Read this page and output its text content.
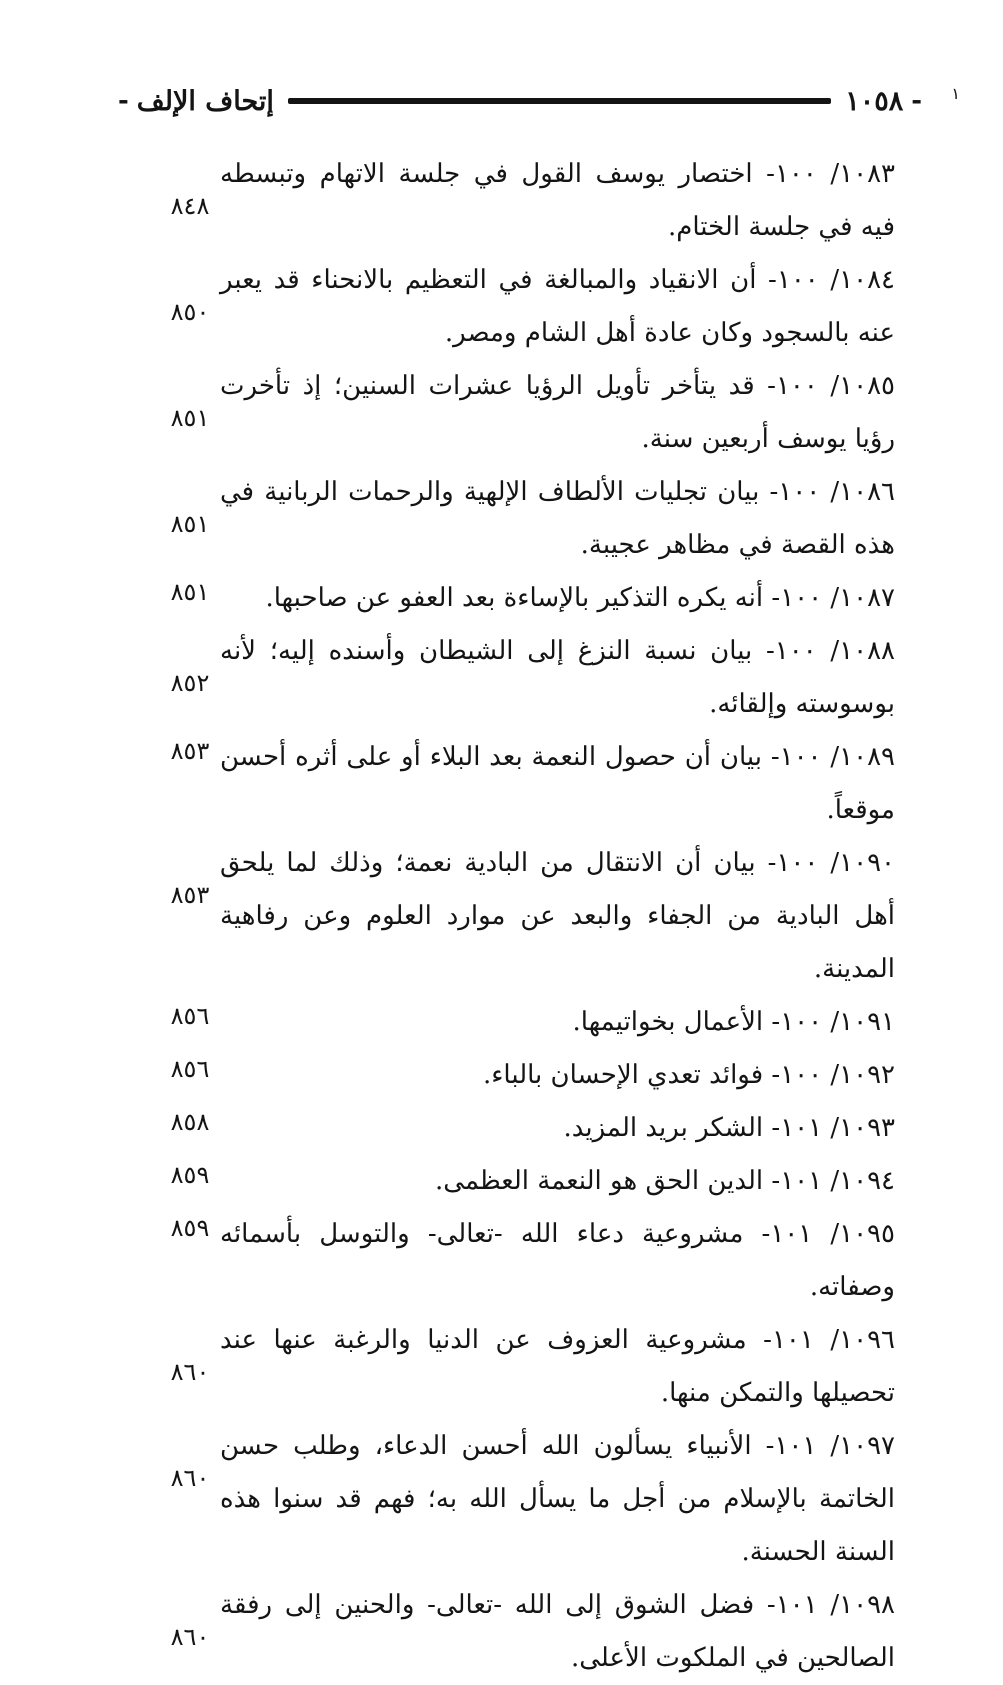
-
١٠٥٨
إتحاف الإلف
-	١
١٠٨٣/ ١٠٠- اختصار يوسف القول في جلسة الاتهام وتبسطه فيه في جلسة الختام.
٨٤٨
١٠٨٤/ ١٠٠- أن الانقياد والمبالغة في التعظيم بالانحناء قد يعبر عنه بالسجود وكان عادة أهل الشام ومصر.
٨٥٠
١٠٨٥/ ١٠٠- قد يتأخر تأويل الرؤيا عشرات السنين؛ إذ تأخرت رؤيا يوسف أربعين سنة.
٨٥١
١٠٨٦/ ١٠٠- بيان تجليات الألطاف الإلهية والرحمات الربانية في هذه القصة في مظاهر عجيبة.
٨٥١
١٠٨٧/ ١٠٠- أنه يكره التذكير بالإساءة بعد العفو عن صاحبها.
٨٥١
١٠٨٨/ ١٠٠- بيان نسبة النزغ إلى الشيطان وأسنده إليه؛ لأنه بوسوسته وإلقائه.
٨٥٢
١٠٨٩/ ١٠٠- بيان أن حصول النعمة بعد البلاء أو على أثره أحسن موقعاً.
٨٥٣
١٠٩٠/ ١٠٠- بيان أن الانتقال من البادية نعمة؛ وذلك لما يلحق أهل البادية من الجفاء والبعد عن موارد العلوم وعن رفاهية المدينة.
٨٥٣
١٠٩١/ ١٠٠- الأعمال بخواتيمها.
٨٥٦
١٠٩٢/ ١٠٠- فوائد تعدي الإحسان بالباء.
٨٥٦
١٠٩٣/ ١٠١- الشكر بريد المزيد.
٨٥٨
١٠٩٤/ ١٠١- الدين الحق هو النعمة العظمى.
٨٥٩
١٠٩٥/ ١٠١- مشروعية دعاء الله -تعالى- والتوسل بأسمائه وصفاته.
٨٥٩
١٠٩٦/ ١٠١- مشروعية العزوف عن الدنيا والرغبة عنها عند تحصيلها والتمكن منها.
٨٦٠
١٠٩٧/ ١٠١- الأنبياء يسألون الله أحسن الدعاء، وطلب حسن الخاتمة بالإسلام من أجل ما يسأل الله به؛ فهم قد سنوا هذه السنة الحسنة.
٨٦٠
١٠٩٨/ ١٠١- فضل الشوق إلى الله -تعالى- والحنين إلى رفقة الصالحين في الملكوت الأعلى.
٨٦٠
